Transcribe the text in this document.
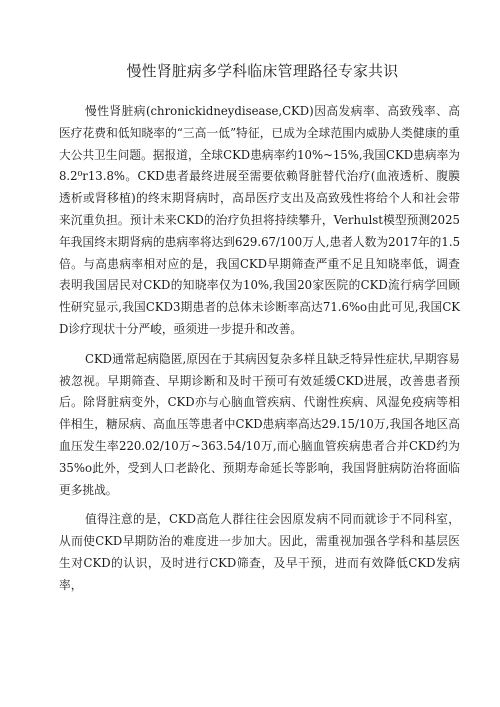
慢性肾脏病多学科临床管理路径专家共识

慢性肾脏病(chronickidneydisease,CKD)因高发病率、高致残率、高医疗花费和低知晓率的“三高一低”特征，已成为全球范围内威胁人类健康的重大公共卫生问题。据报道，全球CKD患病率约10%~15%,我国CKD患病率为8.2⁰r13.8%。CKD患者最终进展至需要依赖肾脏替代治疗(血液透析、腹膜透析或肾移植)的终末期肾病时，高昂医疗支出及高致残性将给个人和社会带来沉重负担。预计未来CKD的治疗负担将持续攀升，Verhulst模型预测2025年我国终末期肾病的患病率将达到629.67/100万人,患者人数为2017年的1.5倍。与高患病率相对应的是，我国CKD早期筛查严重不足且知晓率低，调查表明我国居民对CKD的知晓率仅为10%,我国20家医院的CKD流行病学回顾性研究显示,我国CKD3期患者的总体未诊断率高达71.6%o由此可见,我国CKD诊疗现状十分严峻，亟须进一步提升和改善。

CKD通常起病隐匿,原因在于其病因复杂多样且缺乏特异性症状,早期容易被忽视。早期筛查、早期诊断和及时干预可有效延缓CKD进展，改善患者预后。除肾脏病变外，CKD亦与心脑血管疾病、代谢性疾病、风湿免疫病等相伴相生，糖尿病、高血压等患者中CKD患病率高达29.15/10万,我国各地区高血压发生率220.02/10万~363.54/10万,而心脑血管疾病患者合并CKD约为35%o此外，受到人口老龄化、预期寿命延长等影响，我国肾脏病防治将面临更多挑战。

值得注意的是，CKD高危人群往往会因原发病不同而就诊于不同科室，从而使CKD早期防治的难度进一步加大。因此，需重视加强各学科和基层医生对CKD的认识，及时进行CKD筛查，及早干预，进而有效降低CKD发病率，
